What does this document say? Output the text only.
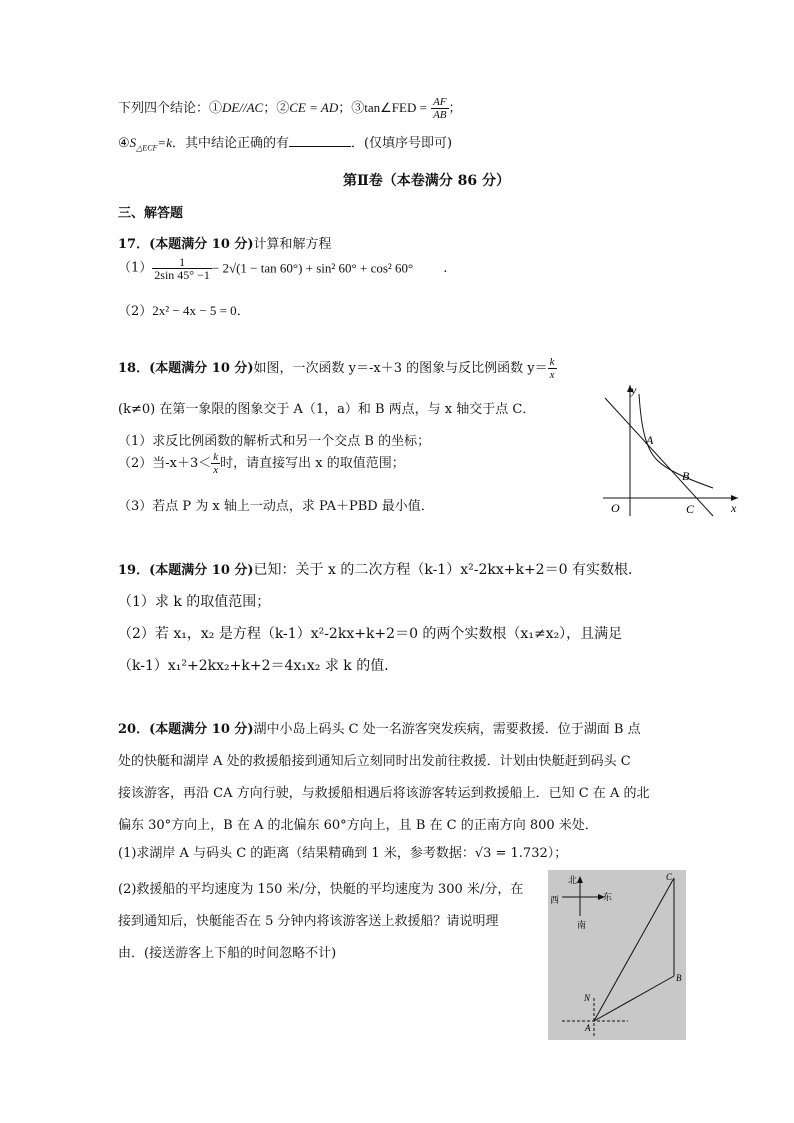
下列四个结论：①DE//AC；②CE = AD；③tan∠FED = $\frac{AF}{AB}$ ；
$④S_{\triangle ECF}=k$．其中结论正确的有	．(仅填序号即可)
第Ⅱ卷（本卷满分 86 分）
三、解答题
17．(本题满分 10 分)计算和解方程
$(1) \frac{1}{2\sin 45^\circ -1} - 2√(1 - \tan 60^\circ) + \sin^2$ 60° + cos² 60° .
（2）2x² − 4x − 5 = 0．
18．(本题满分 10 分)如图，一次函数 y＝-x＋3 的图象与反比例函数 $y= \frac{k}{x}$
(k≠0) 在第一象限的图象交于 A（1，a）和 B 两点，与 x 轴交于点 C．
（1）求反比例函数的解析式和另一个交点 B 的坐标；
（2）当$-x+3< \frac{k}{x}$ 时，请直接写出 x 的取值范围；
（3）若点 P 为 x 轴上一动点，求 PA＋PBD 最小值．
y
x
A
B
O	C
19．(本题满分 10 分)已知：关于 x 的二次方程（k-1）x²-2kx+k+2＝0 有实数根．
（1）求 k 的取值范围；
（2）若 x₁，x₂ 是方程（k-1）x²-2kx+k+2＝0 的两个实数根（x₁≠x₂），且满足
（k-1）x₁²+2kx₂+k+2＝4x₁x₂ 求 k 的值．
20．(本题满分 10 分)湖中小岛上码头 C 处一名游客突发疾病，需要救援．位于湖面 B 点
处的快艇和湖岸 A 处的救援船接到通知后立刻同时出发前往救援．计划由快艇赶到码头 C
接该游客，再沿 CA 方向行驶，与救援船相遇后将该游客转运到救援船上．已知 C 在 A 的北
偏东 30°方向上，B 在 A 的北偏东 60°方向上，且 B 在 C 的正南方向 800 米处．
(1)求湖岸 A 与码头 C 的距离（结果精确到 1 米，参考数据：√3 = 1.732）；
(2)救援船的平均速度为 150 米/分，快艇的平均速度为 300 米/分，在
接到通知后，快艇能否在 5 分钟内将该游客送上救援船？请说明理
由．(接送游客上下船的时间忽略不计)
北
南
西	东
C
B
N
A
